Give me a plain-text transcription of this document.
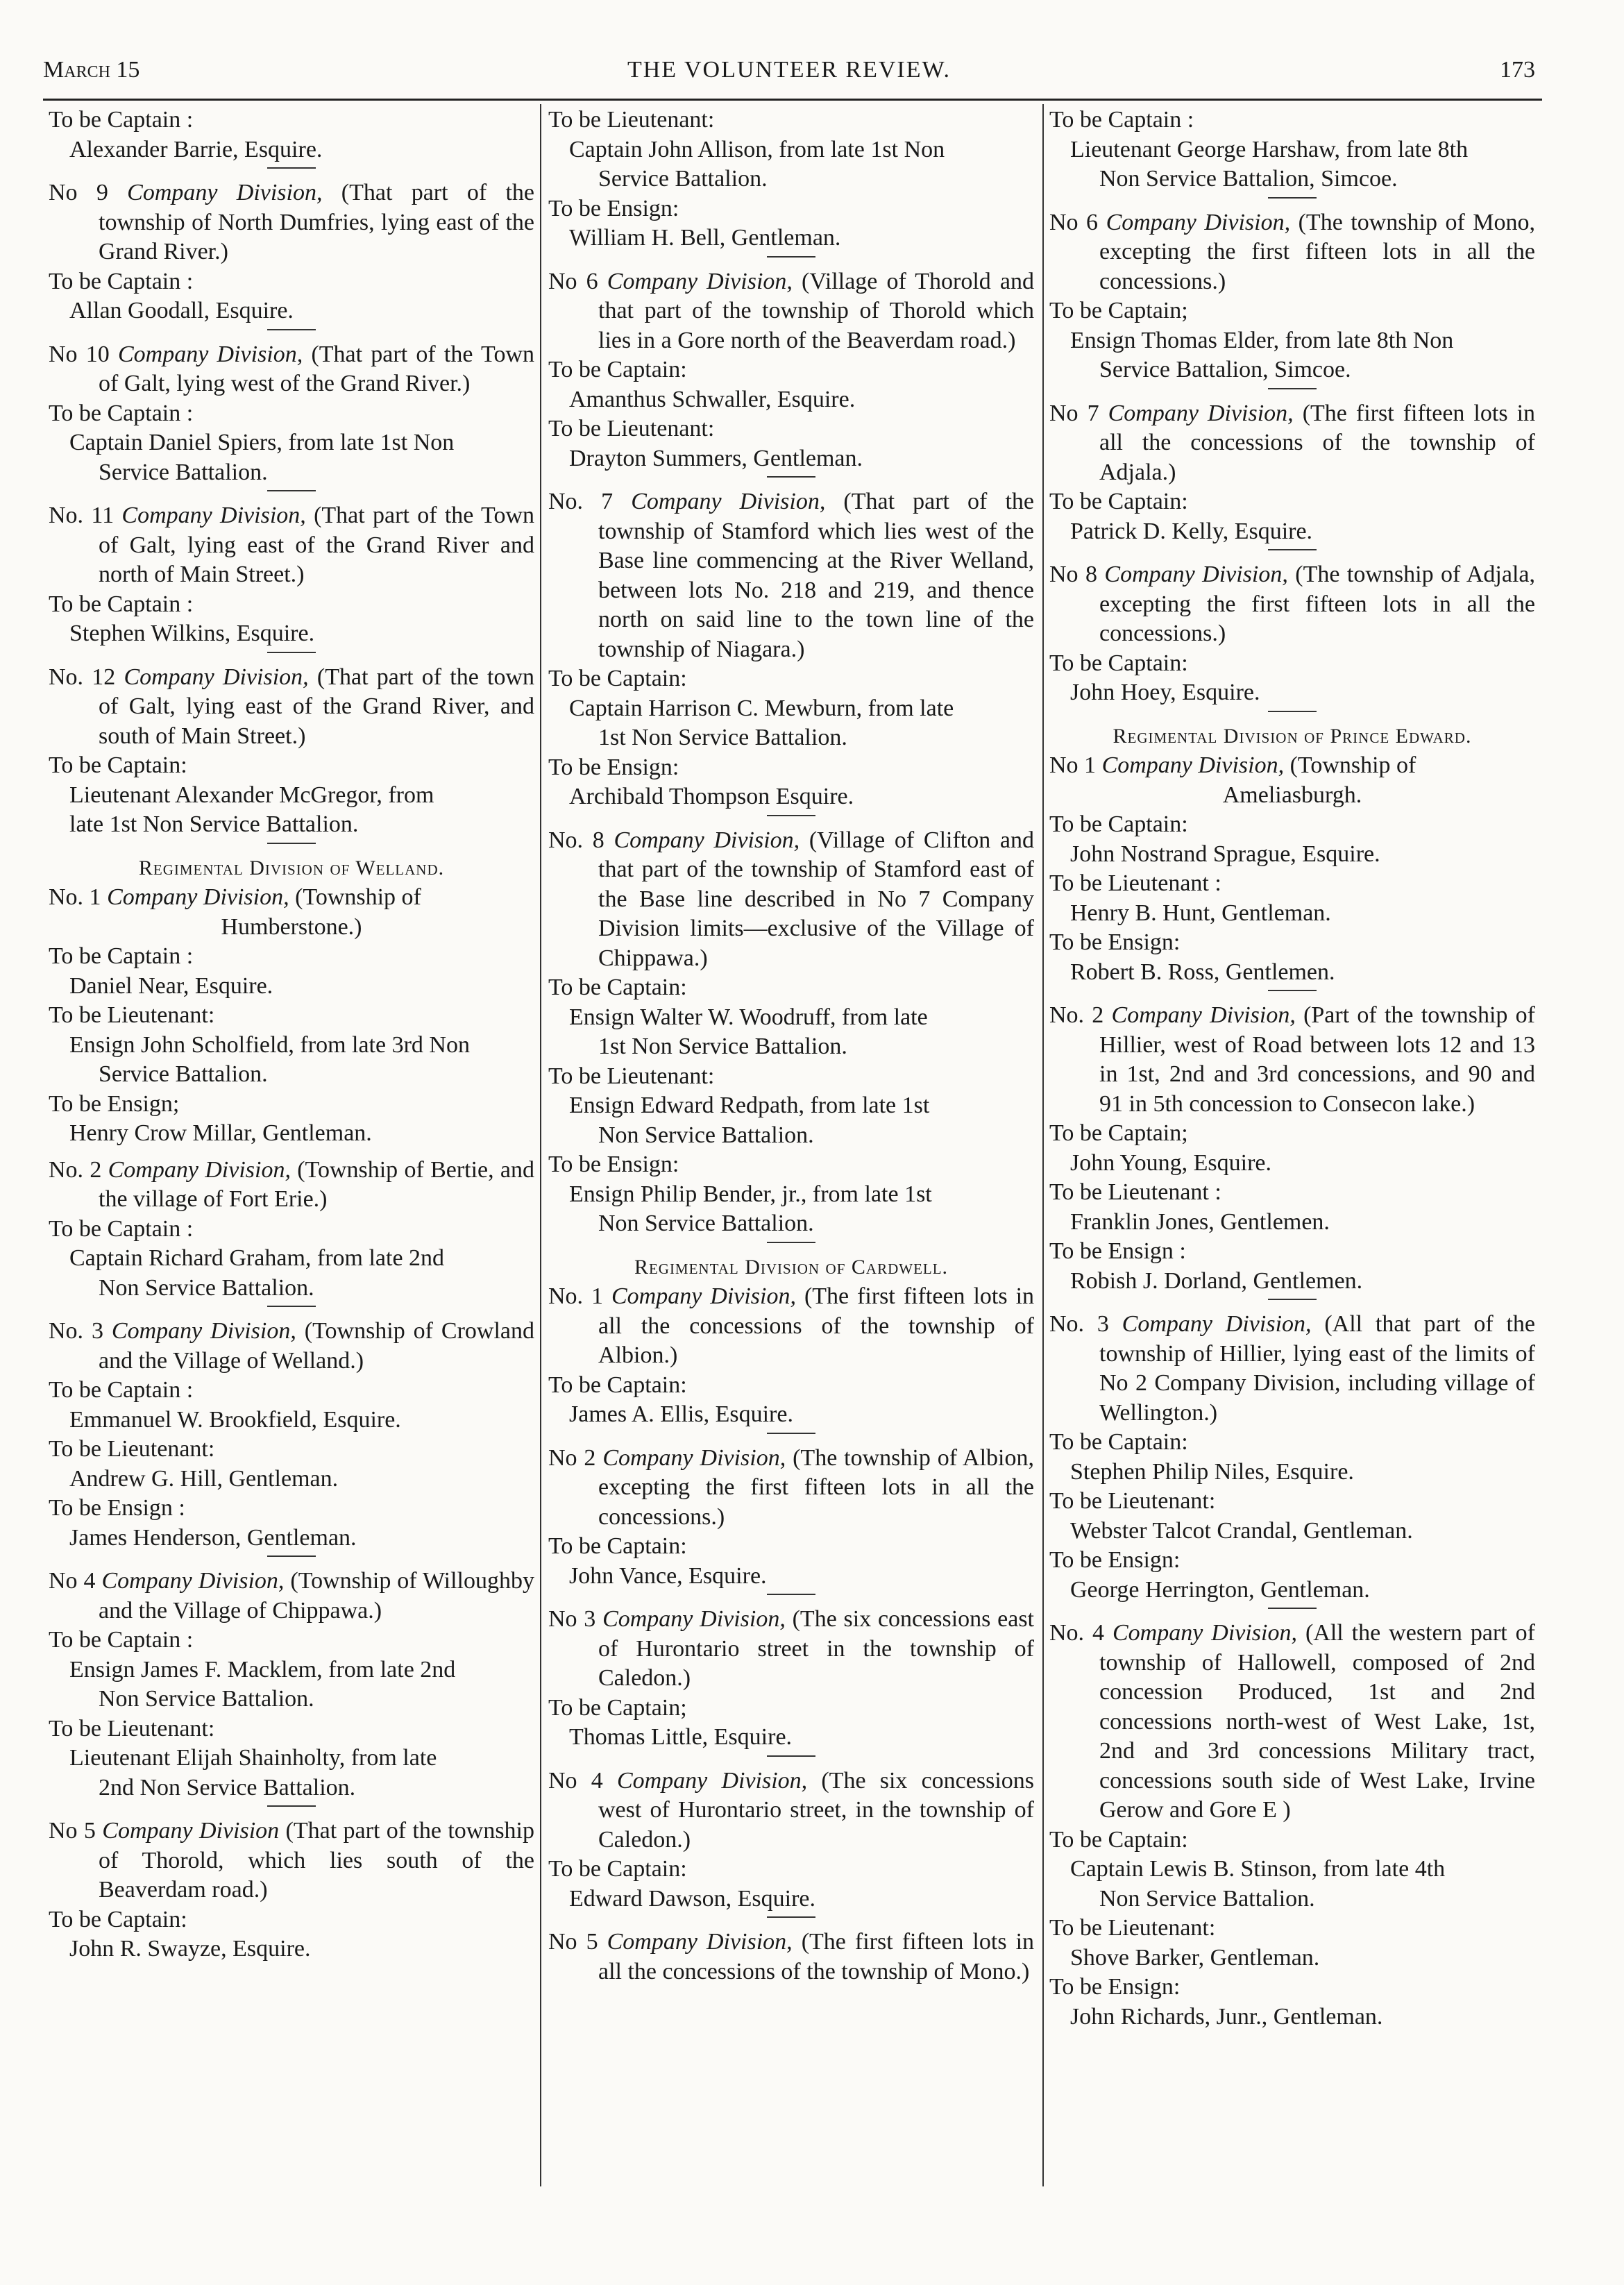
March 15	THE VOLUNTEER REVIEW.	173

To be Captain :

Alexander Barrie, Esquire.

No 9 Company Division, (That part of the township of North Dumfries, lying east of the Grand River.)

To be Captain :

Allan Goodall, Esquire.

No 10 Company Division, (That part of the Town of Galt, lying west of the Grand River.)

To be Captain :

Captain Daniel Spiers, from late 1st Non

Service Battalion.

No. 11 Company Division, (That part of the Town of Galt, lying east of the Grand River and north of Main Street.)

To be Captain :

Stephen Wilkins, Esquire.

No. 12 Company Division, (That part of the town of Galt, lying east of the Grand River, and south of Main Street.)

To be Captain:

Lieutenant Alexander McGregor, from

late 1st Non Service Battalion.

Regimental Division of Welland.

No. 1 Company Division, (Township of

Humberstone.)

To be Captain :

Daniel Near, Esquire.

To be Lieutenant:

Ensign John Scholfield, from late 3rd Non

Service Battalion.

To be Ensign;

Henry Crow Millar, Gentleman.

No. 2 Company Division, (Township of Bertie, and the village of Fort Erie.)

To be Captain :

Captain Richard Graham, from late 2nd

Non Service Battalion.

No. 3 Company Division, (Township of Crowland and the Village of Welland.)

To be Captain :

Emmanuel W. Brookfield, Esquire.

To be Lieutenant:

Andrew G. Hill, Gentleman.

To be Ensign :

James Henderson, Gentleman.

No 4 Company Division, (Township of Willoughby and the Village of Chippawa.)

To be Captain :

Ensign James F. Macklem, from late 2nd

Non Service Battalion.

To be Lieutenant:

Lieutenant Elijah Shainholty, from late

2nd Non Service Battalion.

No 5 Company Division (That part of the township of Thorold, which lies south of the Beaverdam road.)

To be Captain:

John R. Swayze, Esquire.

To be Lieutenant:

Captain John Allison, from late 1st Non

Service Battalion.

To be Ensign:

William H. Bell, Gentleman.

No 6 Company Division, (Village of Thorold and that part of the township of Thorold which lies in a Gore north of the Beaverdam road.)

To be Captain:

Amanthus Schwaller, Esquire.

To be Lieutenant:

Drayton Summers, Gentleman.

No. 7 Company Division, (That part of the township of Stamford which lies west of the Base line commencing at the River Welland, between lots No. 218 and 219, and thence north on said line to the town line of the township of Niagara.)

To be Captain:

Captain Harrison C. Mewburn, from late

1st Non Service Battalion.

To be Ensign:

Archibald Thompson Esquire.

No. 8 Company Division, (Village of Clifton and that part of the township of Stamford east of the Base line described in No 7 Company Division limits—exclusive of the Village of Chippawa.)

To be Captain:

Ensign Walter W. Woodruff, from late

1st Non Service Battalion.

To be Lieutenant:

Ensign Edward Redpath, from late 1st

Non Service Battalion.

To be Ensign:

Ensign Philip Bender, jr., from late 1st

Non Service Battalion.

Regimental Division of Cardwell.

No. 1 Company Division, (The first fifteen lots in all the concessions of the township of Albion.)

To be Captain:

James A. Ellis, Esquire.

No 2 Company Division, (The township of Albion, excepting the first fifteen lots in all the concessions.)

To be Captain:

John Vance, Esquire.

No 3 Company Division, (The six concessions east of Hurontario street in the township of Caledon.)

To be Captain;

Thomas Little, Esquire.

No 4 Company Division, (The six concessions west of Hurontario street, in the township of Caledon.)

To be Captain:

Edward Dawson, Esquire.

No 5 Company Division, (The first fifteen lots in all the concessions of the township of Mono.)

To be Captain :

Lieutenant George Harshaw, from late 8th

Non Service Battalion, Simcoe.

No 6 Company Division, (The township of Mono, excepting the first fifteen lots in all the concessions.)

To be Captain;

Ensign Thomas Elder, from late 8th Non

Service Battalion, Simcoe.

No 7 Company Division, (The first fifteen lots in all the concessions of the township of Adjala.)

To be Captain:

Patrick D. Kelly, Esquire.

No 8 Company Division, (The township of Adjala, excepting the first fifteen lots in all the concessions.)

To be Captain:

John Hoey, Esquire.

Regimental Division of Prince Edward.

No 1 Company Division, (Township of

Ameliasburgh.

To be Captain:

John Nostrand Sprague, Esquire.

To be Lieutenant :

Henry B. Hunt, Gentleman.

To be Ensign:

Robert B. Ross, Gentlemen.

No. 2 Company Division, (Part of the township of Hillier, west of Road between lots 12 and 13 in 1st, 2nd and 3rd concessions, and 90 and 91 in 5th concession to Consecon lake.)

To be Captain;

John Young, Esquire.

To be Lieutenant :

Franklin Jones, Gentlemen.

To be Ensign :

Robish J. Dorland, Gentlemen.

No. 3 Company Division, (All that part of the township of Hillier, lying east of the limits of No 2 Company Division, including village of Wellington.)

To be Captain:

Stephen Philip Niles, Esquire.

To be Lieutenant:

Webster Talcot Crandal, Gentleman.

To be Ensign:

George Herrington, Gentleman.

No. 4 Company Division, (All the western part of township of Hallowell, composed of 2nd concession Produced, 1st and 2nd concessions north-west of West Lake, 1st, 2nd and 3rd concessions Military tract, concessions south side of West Lake, Irvine Gerow and Gore E )

To be Captain:

Captain Lewis B. Stinson, from late 4th

Non Service Battalion.

To be Lieutenant:

Shove Barker, Gentleman.

To be Ensign:

John Richards, Junr., Gentleman.
